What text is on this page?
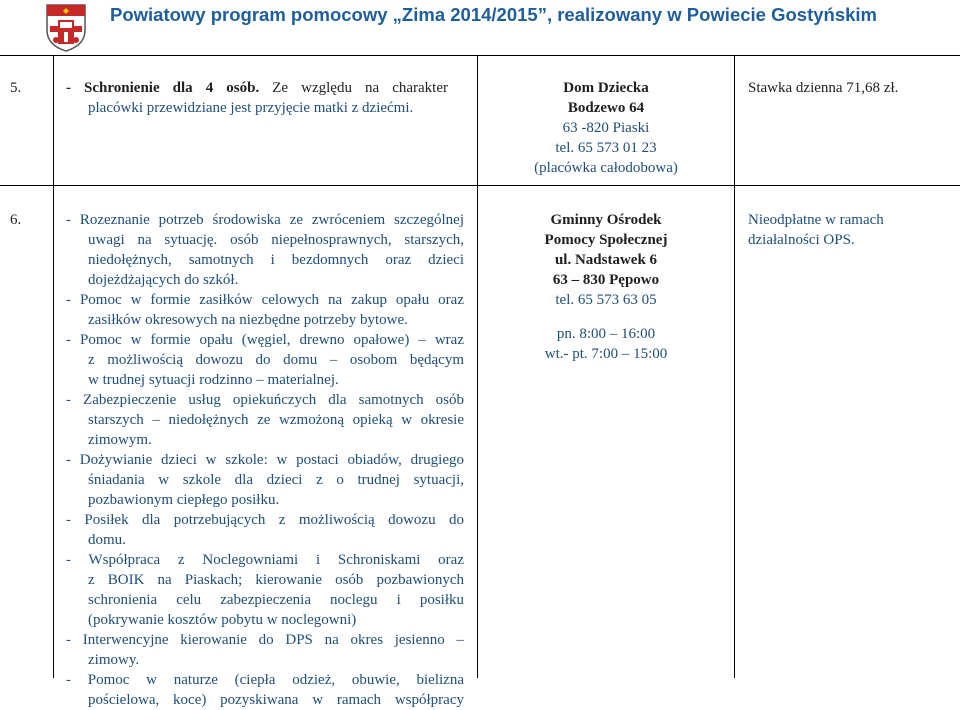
Powiatowy program pomocowy „Zima 2014/2015”, realizowany w Powiecie Gostyńskim
5.	- Schronienie dla 4 osób. Ze względu na charakter

placówki przewidziane jest przyjęcie matki z dziećmi.

Dom Dziecka

Bodzewo 64

63 -820 Piaski

tel. 65 573 01 23

(placówka całodobowa)

Stawka dzienna 71,68 zł.
6.	- Rozeznanie potrzeb środowiska ze zwróceniem szczególnej

uwagi na sytuację. osób niepełnosprawnych, starszych,

niedołężnych, samotnych i bezdomnych oraz dzieci

dojeżdżających do szkół.

- Pomoc w formie zasiłków celowych na zakup opału oraz

zasiłków okresowych na niezbędne potrzeby bytowe.

- Pomoc w formie opału (węgiel, drewno opałowe) – wraz

z możliwością dowozu do domu – osobom będącym

w trudnej sytuacji rodzinno – materialnej.

- Zabezpieczenie usług opiekuńczych dla samotnych osób

starszych – niedołężnych ze wzmożoną opieką w okresie

zimowym.

- Dożywianie dzieci w szkole: w postaci obiadów, drugiego

śniadania w szkole dla dzieci z o trudnej sytuacji,

pozbawionym ciepłego posiłku.

- Posiłek dla potrzebujących z możliwością dowozu do

domu.

- Współpraca z Noclegowniami i Schroniskami oraz

z BOIK na Piaskach; kierowanie osób pozbawionych

schronienia celu zabezpieczenia noclegu i posiłku

(pokrywanie kosztów pobytu w noclegowni)

- Interwencyjne kierowanie do DPS na okres jesienno –

zimowy.

- Pomoc w naturze (ciepła odzież, obuwie, bielizna

pościelowa, koce) pozyskiwana w ramach współpracy

Gminny Ośrodek

Pomocy Społecznej

ul. Nadstawek 6

63 – 830 Pępowo

tel. 65 573 63 05

pn. 8:00 – 16:00

wt.- pt. 7:00 – 15:00

Nieodpłatne w ramach

działalności OPS.
